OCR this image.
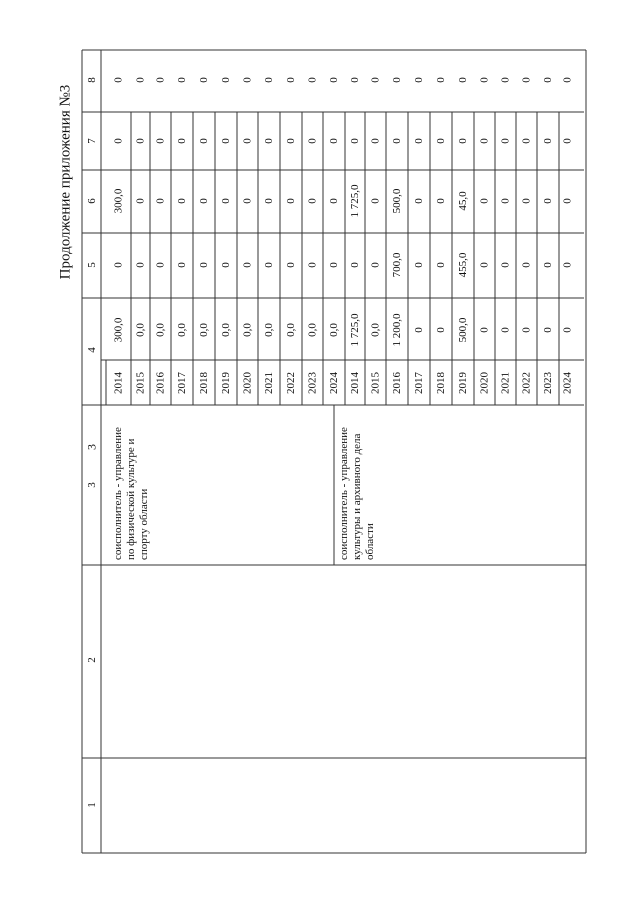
3
Продолжение приложения №3
1
2
3
4
5
6
7
8
2014
300,0
0
300,0
0
0
2015
0,0
0
0
0
0
2016
0,0
0
0
0
0
2017
0,0
0
0
0
0
2018
0,0
0
0
0
0
2019
0,0
0
0
0
0
2020
0,0
0
0
0
0
2021
0,0
0
0
0
0
2022
0,0
0
0
0
0
2023
0,0
0
0
0
0
2024
0,0
0
0
0
0
соисполнитель - управление по физической культуре и спорту области
2014
1 725,0
0
1 725,0
0
0
2015
0,0
0
0
0
0
2016
1 200,0
700,0
500,0
0
0
2017
0
0
0
0
0
2018
0
0
0
0
0
2019
500,0
455,0
45,0
0
0
2020
0
0
0
0
0
2021
0
0
0
0
0
2022
0
0
0
0
0
2023
0
0
0
0
0
2024
0
0
0
0
0
соисполнитель - управление культуры и архивного дела области
